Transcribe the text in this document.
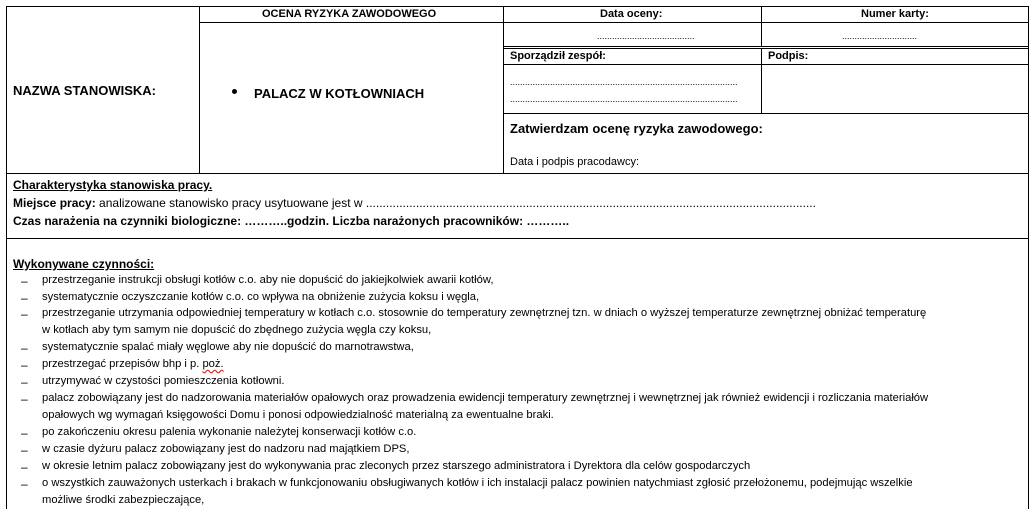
NAZWA STANOWISKA:
OCENA RYZYKA ZAWODOWEGO
PALACZ W KOTŁOWNIACH
Data oceny:
.......................................
Numer karty:
..............................
Sporządził zespół:
...........................................................................................
...........................................................................................
Podpis:
Zatwierdzam ocenę ryzyka zawodowego:
Data i podpis pracodawcy:
Charakterystyka stanowiska pracy.
Miejsce pracy: analizowane stanowisko pracy usytuowane jest w .......................................................................................................................................
Czas narażenia na czynniki biologiczne: ………..godzin. Liczba narażonych pracowników: ………..
Wykonywane czynności:
– przestrzeganie instrukcji obsługi kotłów c.o. aby nie dopuścić do jakiejkolwiek awarii kotłów,
– systematycznie oczyszczanie kotłów c.o. co wpływa na obniżenie zużycia koksu i węgla,
– przestrzeganie utrzymania odpowiedniej temperatury w kotłach c.o. stosownie do temperatury zewnętrznej tzn. w dniach o wyższej temperaturze zewnętrznej obniżać temperaturę
w kotłach aby tym samym nie dopuścić do zbędnego zużycia węgla czy koksu,
– systematycznie spalać miały węglowe aby nie dopuścić do marnotrawstwa,
– przestrzegać przepisów bhp i p. poż.
– utrzymywać w czystości pomieszczenia kotłowni.
– palacz zobowiązany jest do nadzorowania materiałów opałowych oraz prowadzenia ewidencji temperatury zewnętrznej i wewnętrznej jak również ewidencji i rozliczania materiałów
opałowych wg wymagań księgowości Domu i ponosi odpowiedzialność materialną za ewentualne braki.
– po zakończeniu okresu palenia wykonanie należytej konserwacji kotłów c.o.
– w czasie dyżuru palacz zobowiązany jest do nadzoru nad majątkiem DPS,
– w okresie letnim palacz zobowiązany jest do wykonywania prac zleconych przez starszego administratora i Dyrektora dla celów gospodarczych
– o wszystkich zauważonych usterkach i brakach w funkcjonowaniu obsługiwanych kotłów i ich instalacji palacz powinien natychmiast zgłosić przełożonemu, podejmując wszelkie
możliwe środki zabezpieczające,
